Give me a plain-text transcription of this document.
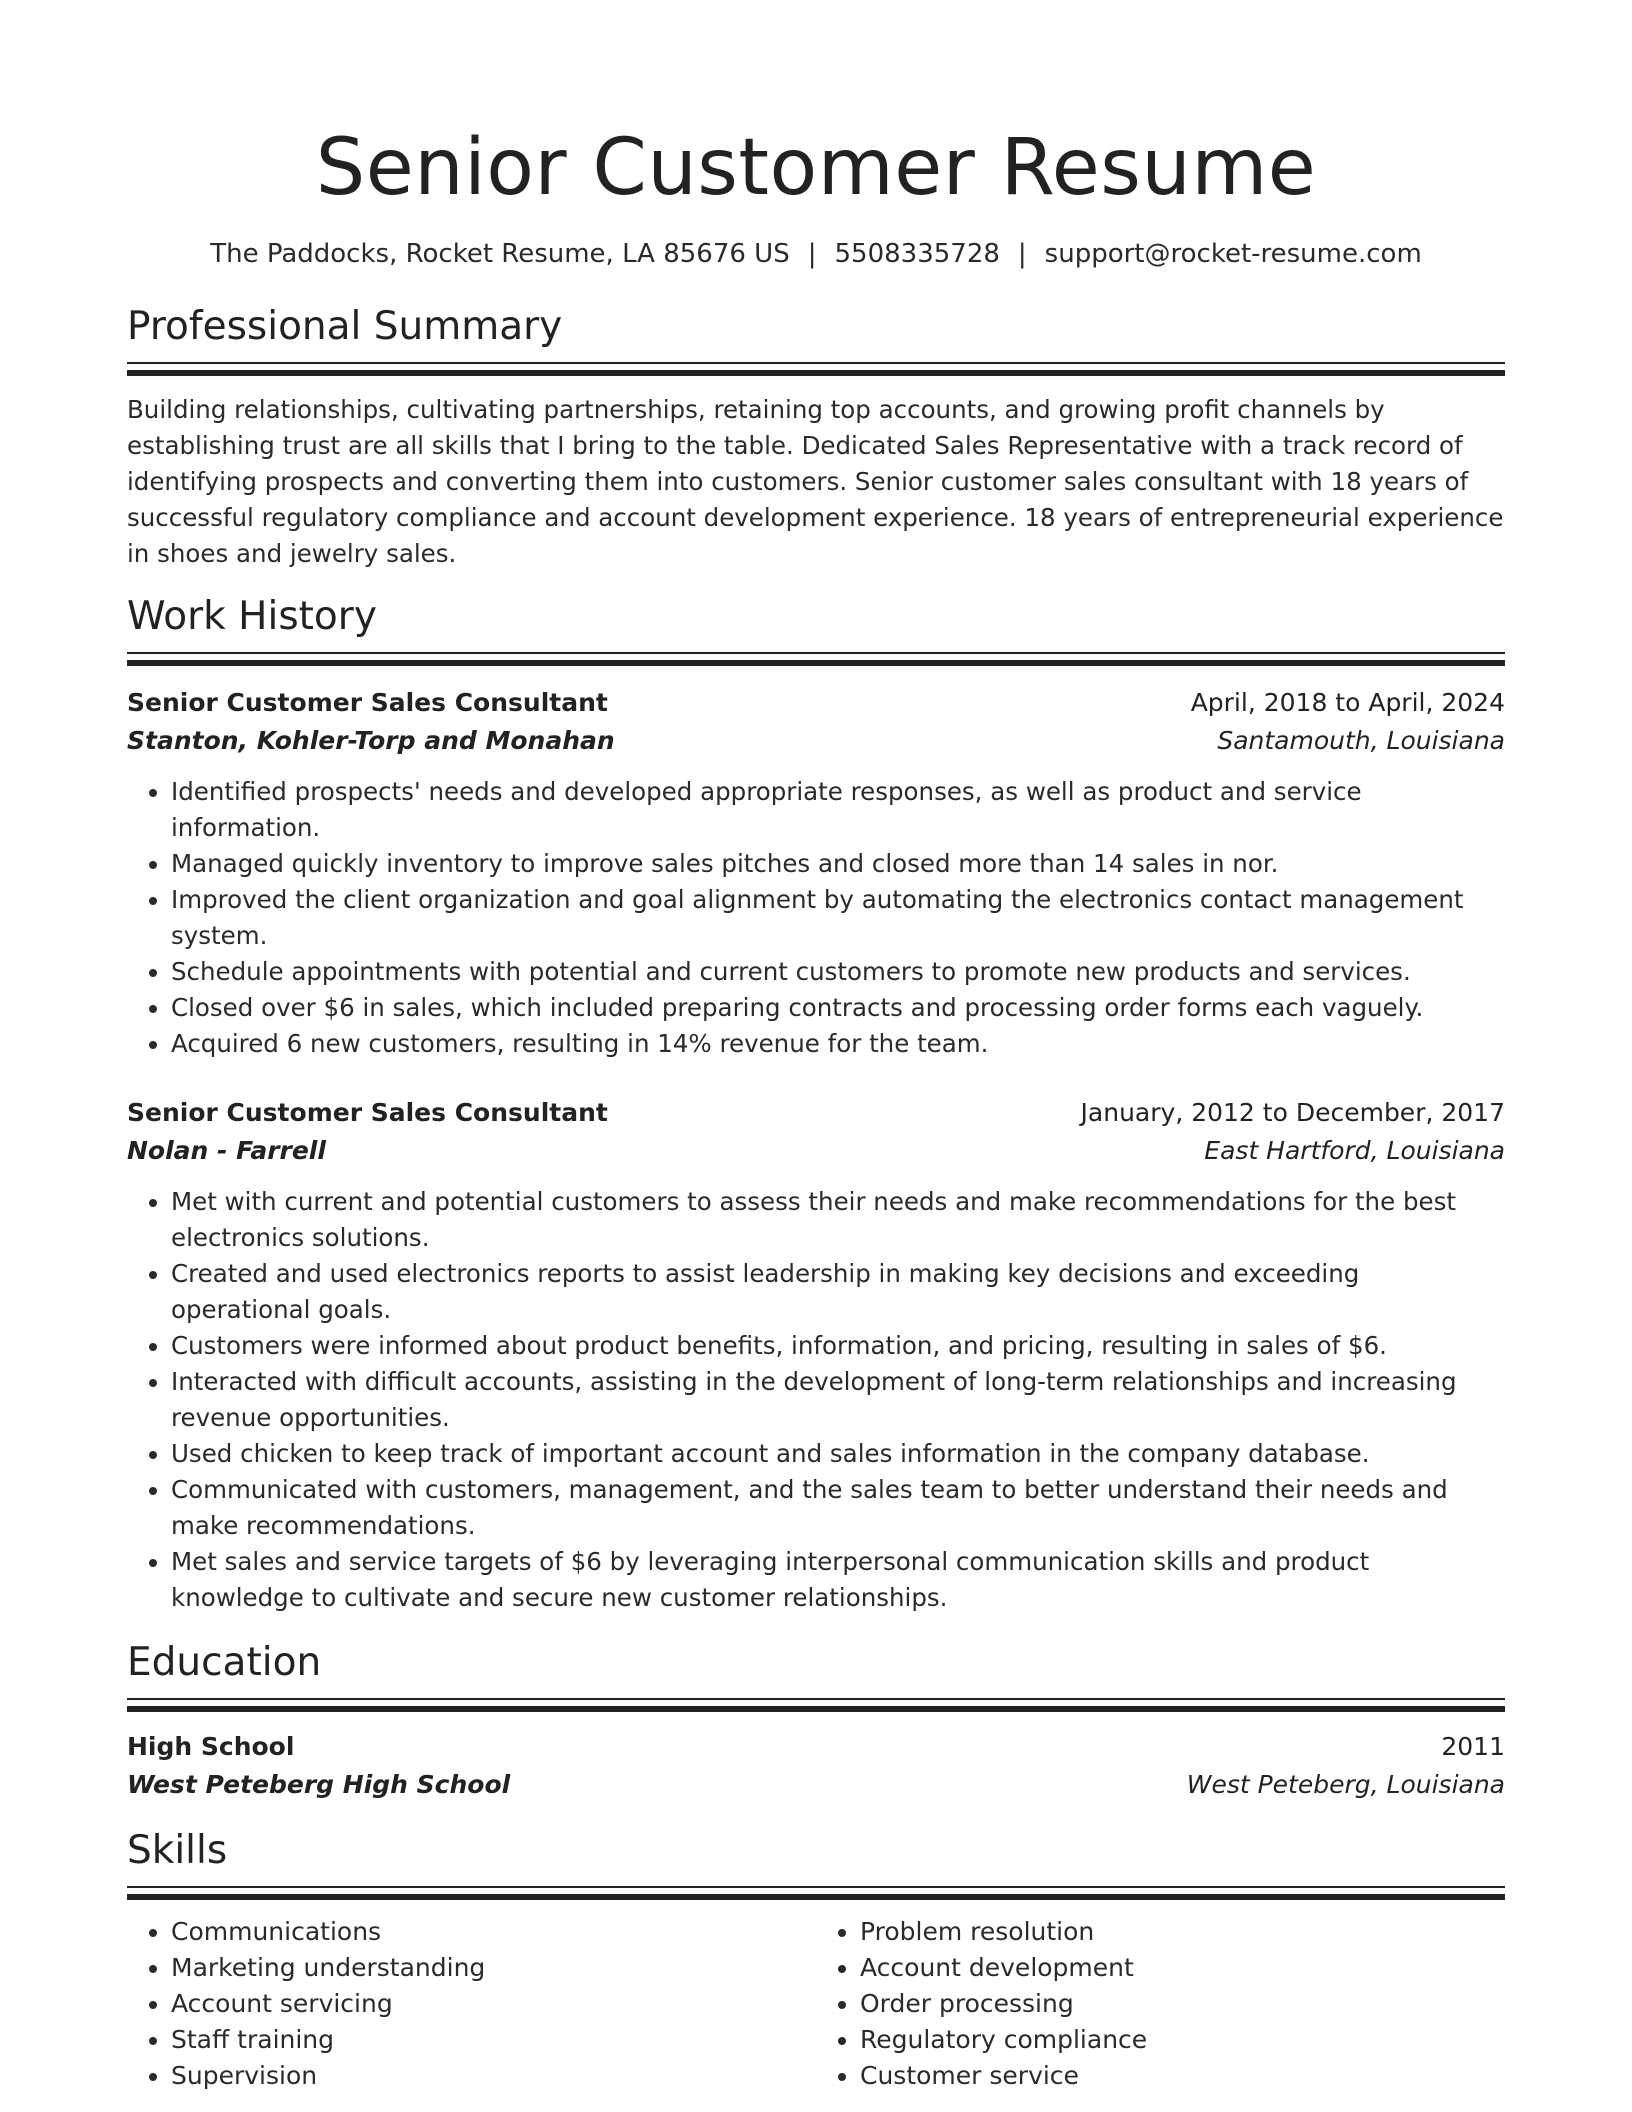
Senior Customer Resume
The Paddocks, Rocket Resume, LA 85676 US | 5508335728 | support@rocket-resume.com
Professional Summary

Building relationships, cultivating partnerships, retaining top accounts, and growing profit channels by establishing trust are all skills that I bring to the table. Dedicated Sales Representative with a track record of identifying prospects and converting them into customers. Senior customer sales consultant with 18 years of successful regulatory compliance and account development experience. 18 years of entrepreneurial experience in shoes and jewelry sales.

Work History
Senior Customer Sales Consultant	April, 2018 to April, 2024
Stanton, Kohler-Torp and Monahan	Santamouth, Louisiana
• Identified prospects' needs and developed appropriate responses, as well as product and service information.
• Managed quickly inventory to improve sales pitches and closed more than 14 sales in nor.
• Improved the client organization and goal alignment by automating the electronics contact management system.
• Schedule appointments with potential and current customers to promote new products and services.
• Closed over $6 in sales, which included preparing contracts and processing order forms each vaguely.
• Acquired 6 new customers, resulting in 14% revenue for the team.
Senior Customer Sales Consultant	January, 2012 to December, 2017
Nolan - Farrell	East Hartford, Louisiana
• Met with current and potential customers to assess their needs and make recommendations for the best electronics solutions.
• Created and used electronics reports to assist leadership in making key decisions and exceeding operational goals.
• Customers were informed about product benefits, information, and pricing, resulting in sales of $6.
• Interacted with difficult accounts, assisting in the development of long-term relationships and increasing revenue opportunities.
• Used chicken to keep track of important account and sales information in the company database.
• Communicated with customers, management, and the sales team to better understand their needs and make recommendations.
• Met sales and service targets of $6 by leveraging interpersonal communication skills and product knowledge to cultivate and secure new customer relationships.
Education
High School	2011
West Peteberg High School	West Peteberg, Louisiana
Skills
• Communications
• Marketing understanding
• Account servicing
• Staff training
• Supervision
• Problem resolution
• Account development
• Order processing
• Regulatory compliance
• Customer service
